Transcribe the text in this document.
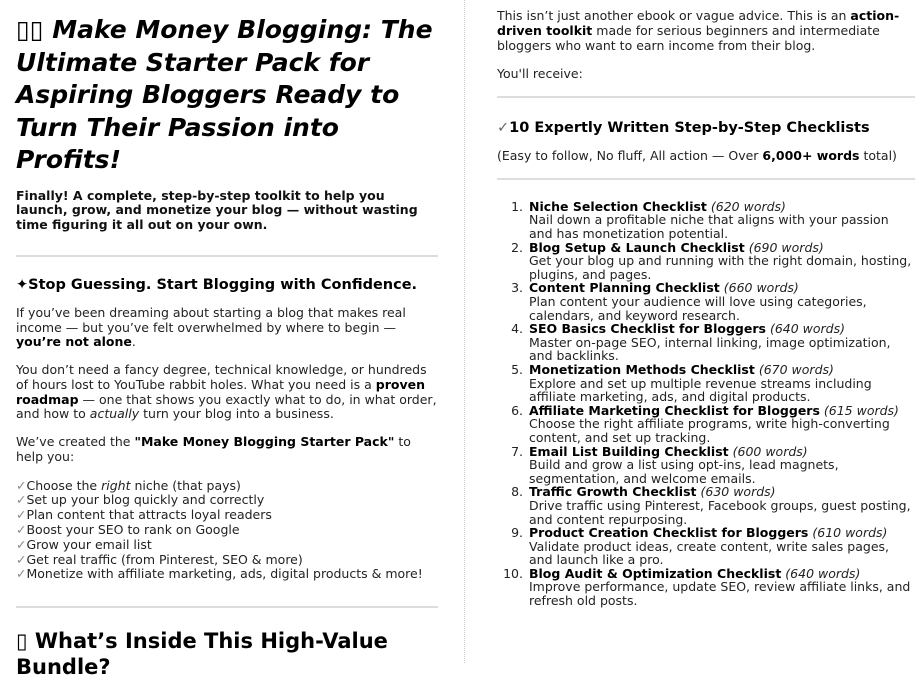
▯▯ Make Money Blogging: The Ultimate Starter Pack for Aspiring Bloggers Ready to Turn Their Passion into Profits!

Finally! A complete, step-by-step toolkit to help you launch, grow, and monetize your blog — without wasting time figuring it all out on your own.

✦Stop Guessing. Start Blogging with Confidence.

If you’ve been dreaming about starting a blog that makes real income — but you’ve felt overwhelmed by where to begin — you’re not alone.

You don’t need a fancy degree, technical knowledge, or hundreds of hours lost to YouTube rabbit holes. What you need is a proven roadmap — one that shows you exactly what to do, in what order, and how to actually turn your blog into a business.

We’ve created the "Make Money Blogging Starter Pack" to help you:

✓Choose the right niche (that pays)
✓Set up your blog quickly and correctly
✓Plan content that attracts loyal readers
✓Boost your SEO to rank on Google
✓Grow your email list
✓Get real traffic (from Pinterest, SEO & more)
✓Monetize with affiliate marketing, ads, digital products & more!
▯ What’s Inside This High-Value Bundle?

This isn’t just another ebook or vague advice. This is an action-driven toolkit made for serious beginners and intermediate bloggers who want to earn income from their blog.

You'll receive:

✓10 Expertly Written Step-by-Step Checklists

(Easy to follow, No fluff, All action — Over 6,000+ words total)

1. Niche Selection Checklist (620 words)
Nail down a profitable niche that aligns with your passion and has monetization potential.
2. Blog Setup & Launch Checklist (690 words)
Get your blog up and running with the right domain, hosting, plugins, and pages.
3. Content Planning Checklist (660 words)
Plan content your audience will love using categories, calendars, and keyword research.
4. SEO Basics Checklist for Bloggers (640 words)
Master on-page SEO, internal linking, image optimization, and backlinks.
5. Monetization Methods Checklist (670 words)
Explore and set up multiple revenue streams including affiliate marketing, ads, and digital products.
6. Affiliate Marketing Checklist for Bloggers (615 words)
Choose the right affiliate programs, write high-converting content, and set up tracking.
7. Email List Building Checklist (600 words)
Build and grow a list using opt-ins, lead magnets, segmentation, and welcome emails.
8. Traffic Growth Checklist (630 words)
Drive traffic using Pinterest, Facebook groups, guest posting, and content repurposing.
9. Product Creation Checklist for Bloggers (610 words)
Validate product ideas, create content, write sales pages, and launch like a pro.
10. Blog Audit & Optimization Checklist (640 words)
Improve performance, update SEO, review affiliate links, and refresh old posts.
